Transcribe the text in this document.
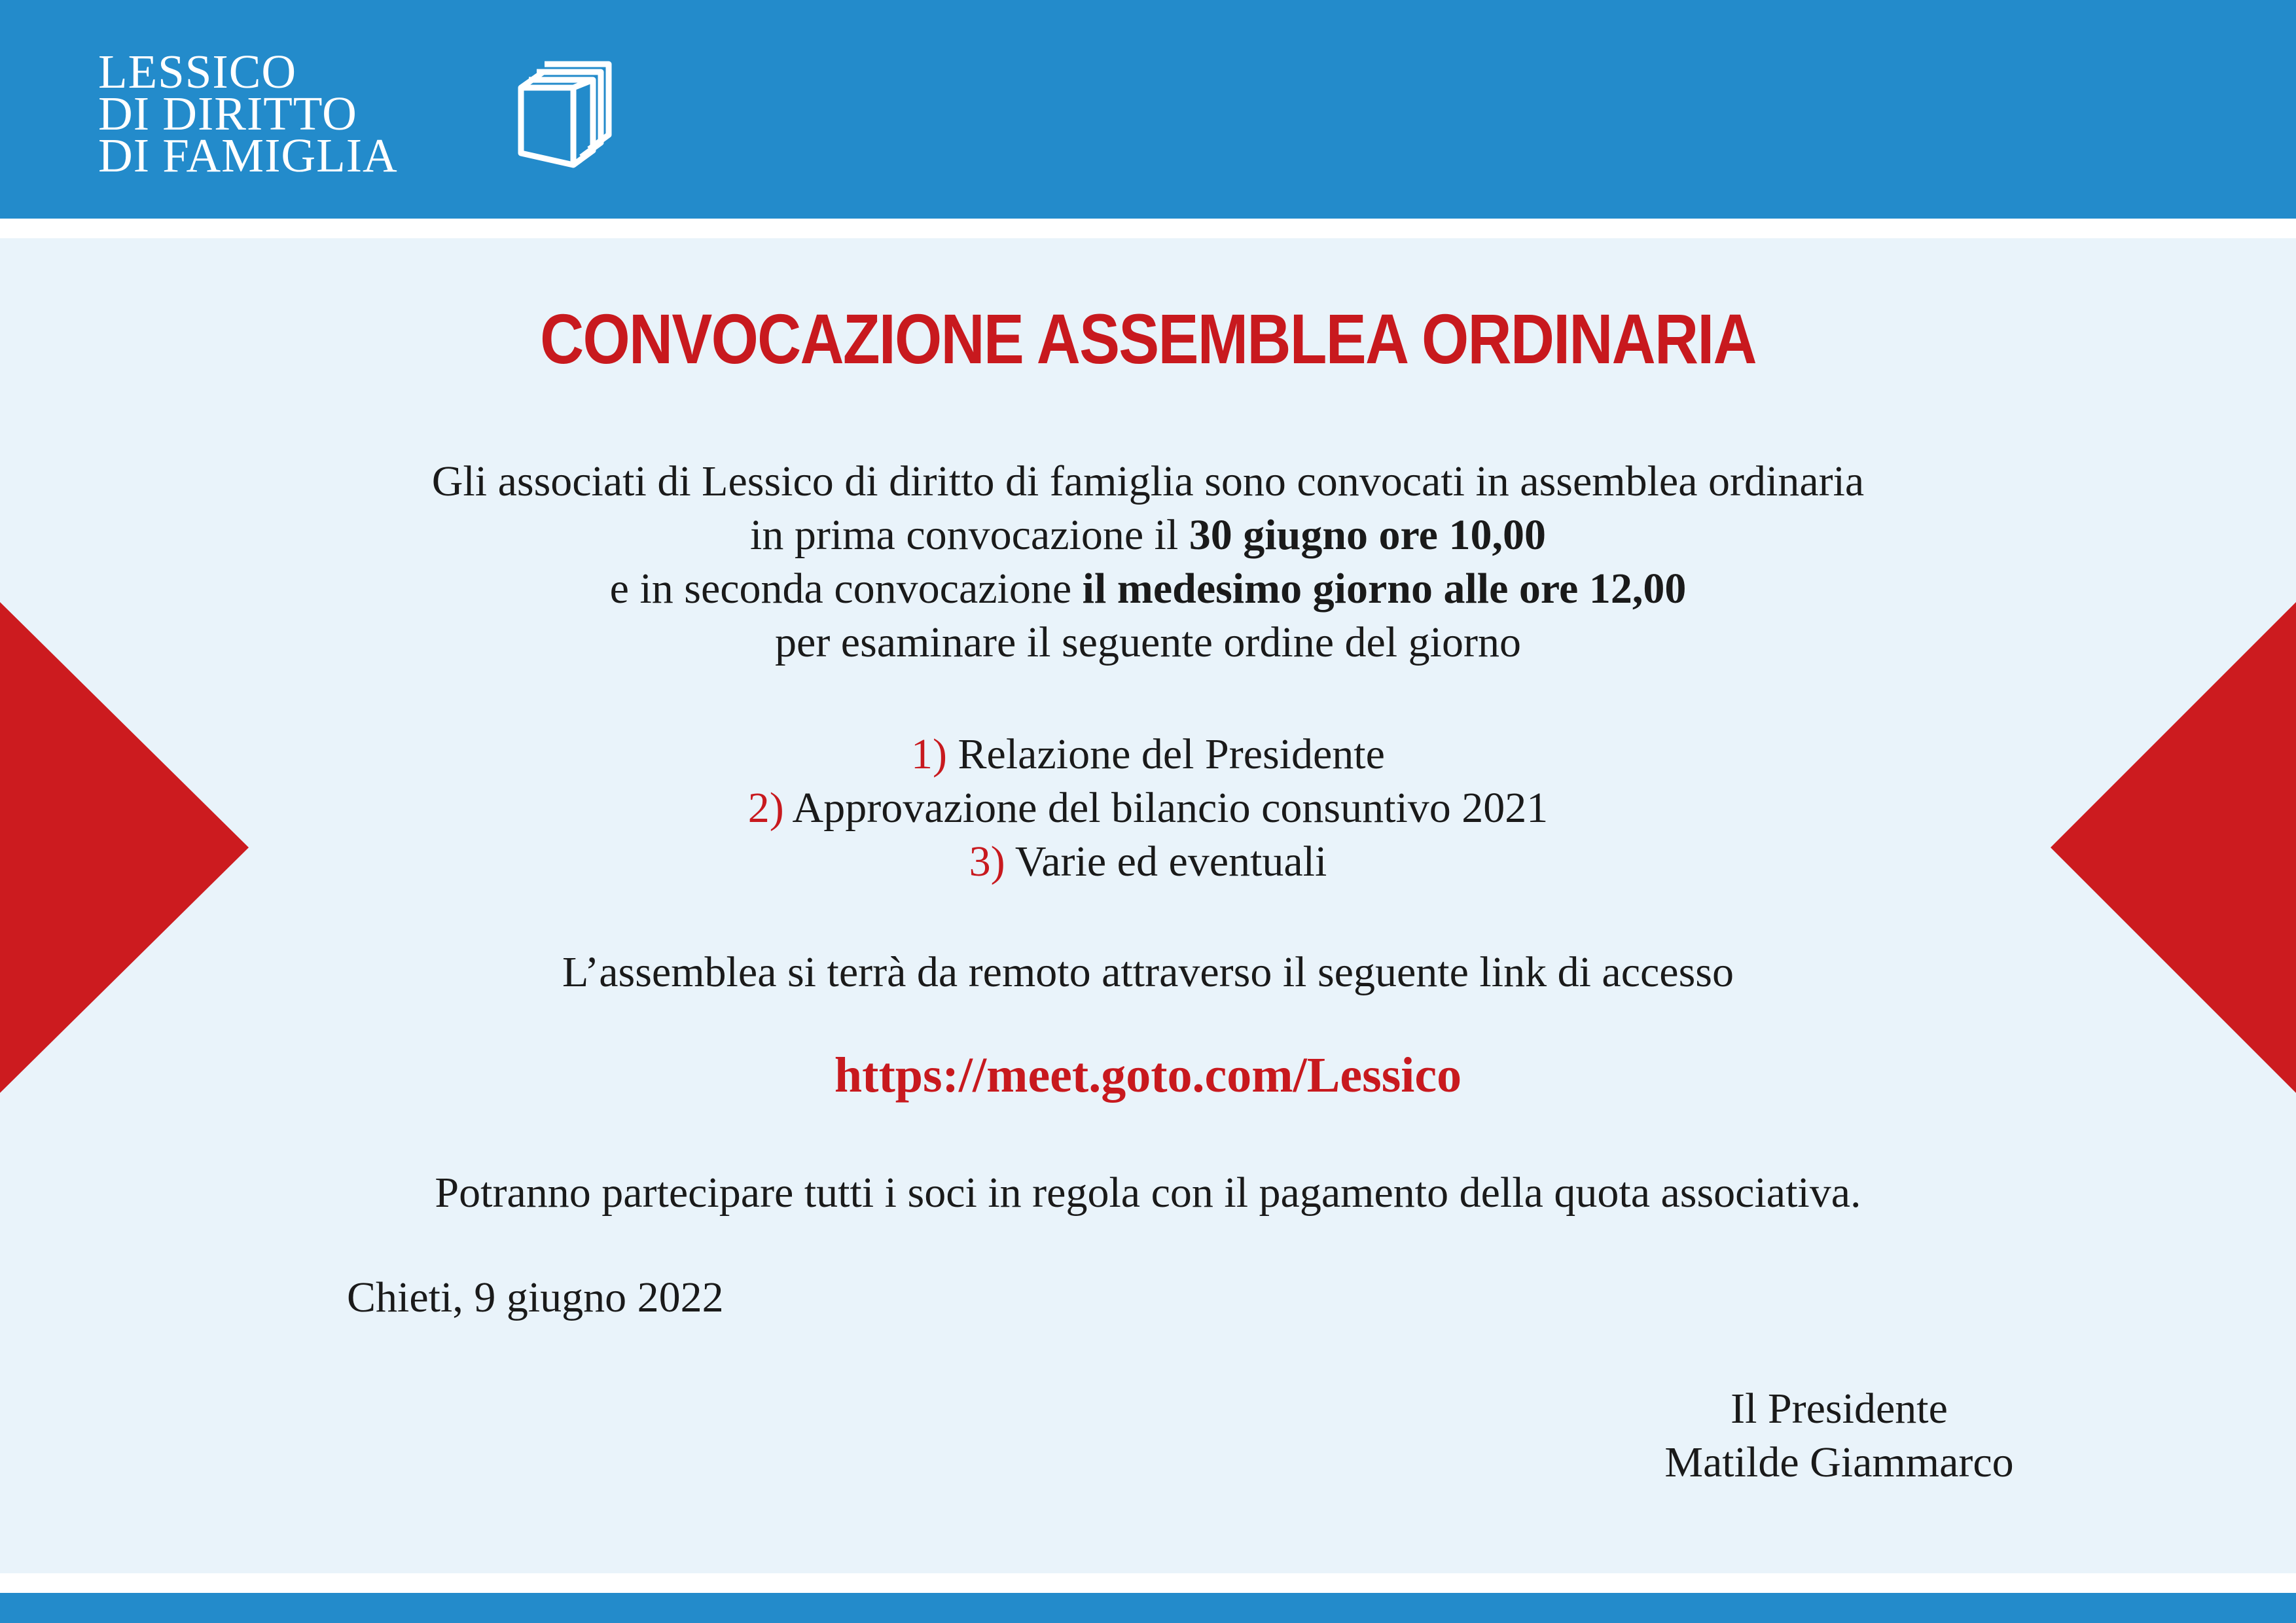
LESSICO
DI DIRITTO
DI FAMIGLIA
CONVOCAZIONE ASSEMBLEA ORDINARIA
Gli associati di Lessico di diritto di famiglia sono convocati in assemblea ordinaria
in prima convocazione il 30 giugno ore 10,00
e in seconda convocazione il medesimo giorno alle ore 12,00
per esaminare il seguente ordine del giorno
1) Relazione del Presidente
2) Approvazione del bilancio consuntivo 2021
3) Varie ed eventuali
L’assemblea si terrà da remoto attraverso il seguente link di accesso
https://meet.goto.com/Lessico
Potranno partecipare tutti i soci in regola con il pagamento della quota associativa.
Chieti, 9 giugno 2022
Il Presidente
Matilde Giammarco
